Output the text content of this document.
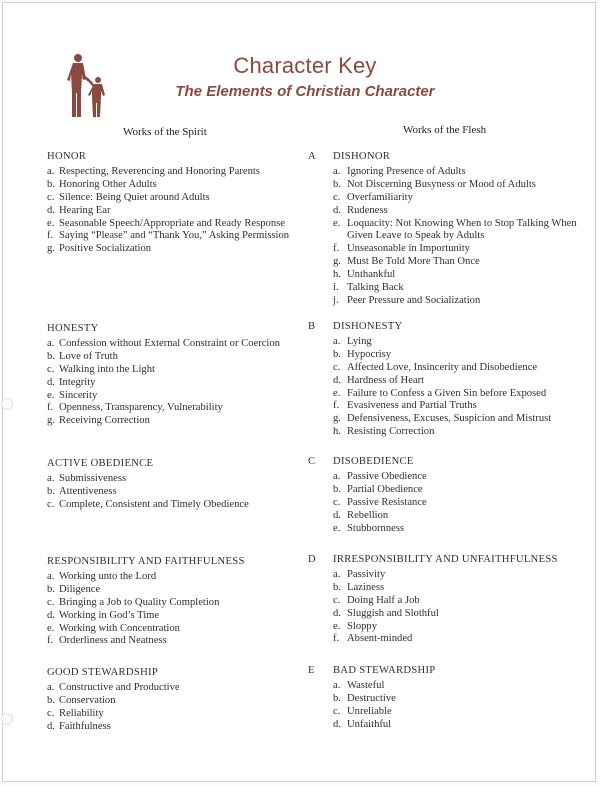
Character Key
The Elements of Christian Character
Works of the Spirit	Works of the Flesh
A
HONOR
a. Respecting, Reverencing and Honoring Parents
b. Honoring Other Adults
c. Silence: Being Quiet around Adults
d. Hearing Ear
e. Seasonable Speech/Appropriate and Ready Response
f. Saying “Please” and “Thank You,” Asking Permission
g. Positive Socialization
DISHONOR
a. Ignoring Presence of Adults
b. Not Discerning Busyness or Mood of Adults
c. Overfamiliarity
d. Rudeness
e. Loquacity: Not Knowing When to Stop Talking When Given Leave to Speak by Adults
f. Unseasonable in Importunity
g. Must Be Told More Than Once
h. Unthankful
i. Talking Back
j. Peer Pressure and Socialization
B
HONESTY
a. Confession without External Constraint or Coercion
b. Love of Truth
c. Walking into the Light
d. Integrity
e. Sincerity
f. Openness, Transparency, Vulnerability
g. Receiving Correction
DISHONESTY
a. Lying
b. Hypocrisy
c. Affected Love, Insincerity and Disobedience
d. Hardness of Heart
e. Failure to Confess a Given Sin before Exposed
f. Evasiveness and Partial Truths
g. Defensiveness, Excuses, Suspicion and Mistrust
h. Resisting Correction
C
ACTIVE OBEDIENCE
a. Submissiveness
b. Attentiveness
c. Complete, Consistent and Timely Obedience
DISOBEDIENCE
a. Passive Obedience
b. Partial Obedience
c. Passive Resistance
d. Rebellion
e. Stubbornness
D
RESPONSIBILITY AND FAITHFULNESS
a. Working unto the Lord
b. Diligence
c. Bringing a Job to Quality Completion
d. Working in God’s Time
e. Working with Concentration
f. Orderliness and Neatness
IRRESPONSIBILITY AND UNFAITHFULNESS
a. Passivity
b. Laziness
c. Doing Half a Job
d. Sluggish and Slothful
e. Sloppy
f. Absent-minded
E
GOOD STEWARDSHIP
a. Constructive and Productive
b. Conservation
c. Reliability
d. Faithfulness
BAD STEWARDSHIP
a. Wasteful
b. Destructive
c. Unreliable
d. Unfaithful
